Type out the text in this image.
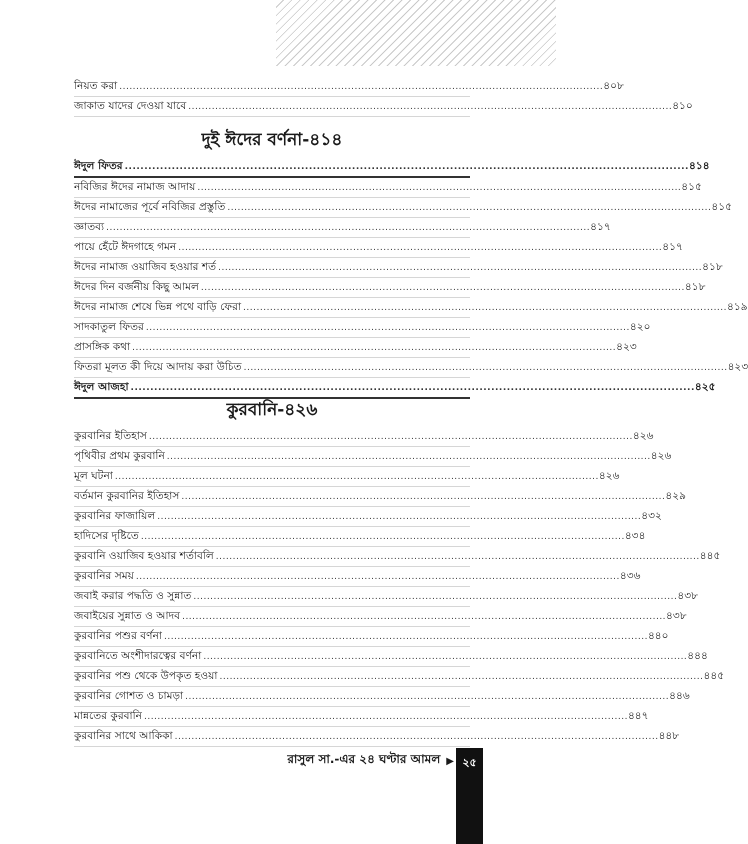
নিয়ত করা ................................................................................................................................................ ৪০৮
জাকাত যাদের দেওয়া যাবে ................................................................................................................................................ ৪১০
দুই ঈদের বর্ণনা-৪১৪
ঈদুল ফিতর ................................................................................................................................................ ৪১৪
নবিজির ঈদের নামাজ আদায় ................................................................................................................................................ ৪১৫
ঈদের নামাজের পূর্বে নবিজির প্রস্তুতি ................................................................................................................................................ ৪১৫
জ্ঞাতব্য ................................................................................................................................................ ৪১৭
পায়ে হেঁটে ঈদগাহে গমন ................................................................................................................................................ ৪১৭
ঈদের নামাজ ওয়াজিব হওয়ার শর্ত ................................................................................................................................................ ৪১৮
ঈদের দিন বর্জনীয় কিছু আমল ................................................................................................................................................ ৪১৮
ঈদের নামাজ শেষে ভিন্ন পথে বাড়ি ফেরা ................................................................................................................................................ ৪১৯
সাদকাতুল ফিতর ................................................................................................................................................ ৪২০
প্রাসঙ্গিক কথা ................................................................................................................................................ ৪২৩
ফিতরা মূলত কী দিয়ে আদায় করা উচিত ................................................................................................................................................ ৪২৩
ঈদুল আজহা ................................................................................................................................................ ৪২৫
কুরবানি-৪২৬
কুরবানির ইতিহাস ................................................................................................................................................ ৪২৬
পৃথিবীর প্রথম কুরবানি ................................................................................................................................................ ৪২৬
মূল ঘটনা ................................................................................................................................................ ৪২৬
বর্তমান কুরবানির ইতিহাস ................................................................................................................................................ ৪২৯
কুরবানির ফাজায়িল ................................................................................................................................................ ৪৩২
হাদিসের দৃষ্টিতে ................................................................................................................................................ ৪৩৪
কুরবানি ওয়াজিব হওয়ার শর্তাবলি ................................................................................................................................................ ৪৪৫
কুরবানির সময় ................................................................................................................................................ ৪৩৬
জবাই করার পদ্ধতি ও সুন্নাত ................................................................................................................................................ ৪৩৮
জবাইয়ের সুন্নাত ও আদব ................................................................................................................................................ ৪৩৮
কুরবানির পশুর বর্ণনা ................................................................................................................................................ ৪৪০
কুরবানিতে অংশীদারত্বের বর্ণনা ................................................................................................................................................ ৪৪৪
কুরবানির পশু থেকে উপকৃত হওয়া ................................................................................................................................................ ৪৪৫
কুরবানির গোশত ও চামড়া ................................................................................................................................................ ৪৪৬
মান্নতের কুরবানি ................................................................................................................................................ ৪৪৭
কুরবানির সাথে আকিকা ................................................................................................................................................ ৪৪৮
রাসুল সা.-এর ২৪ ঘণ্টার আমল ▶ ২৫
